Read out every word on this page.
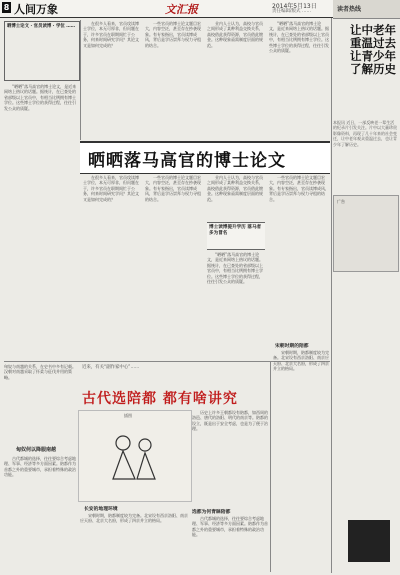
8 人间万象	文汇报	2014年5月13日
责任编辑/版式 ……	读者热线
晒博士论文 · 官员读博 · 学位 ……

“晒晒”落马高官的博士论文，是近来网络上热议的话题。据统计，在已查处的省部级以上官员中，有相当比例拥有博士学位。这些博士学位的获得过程，往往引发公众的质疑。

在很多人看来，官员攻读博士学位，本无可厚非，但问题在于，许多官员在职期间忙于公务，何来时间研究学问？其论文又是如何完成的？

一些官员的博士论文题目宏大，内容空泛，甚至存在抄袭现象。有专家指出，官员读博成风，背后是学历崇拜与权力寻租的结合。

业内人士认为，高校与官员之间形成了某种利益交换关系，高校借此获得资源，官员借此镀金。这种现象亟需制度层面的规范。

“晒晒”落马高官的博士论文，是近来网络上热议的话题。据统计，在已查处的省部级以上官员中，有相当比例拥有博士学位。这些博士学位的获得过程，往往引发公众的质疑。

晒晒落马高官的博士论文

在很多人看来，官员攻读博士学位，本无可厚非，但问题在于，许多官员在职期间忙于公务，何来时间研究学问？其论文又是如何完成的？

一些官员的博士论文题目宏大，内容空泛，甚至存在抄袭现象。有专家指出，官员读博成风，背后是学历崇拜与权力寻租的结合。

业内人士认为，高校与官员之间形成了某种利益交换关系，高校借此获得资源，官员借此镀金。这种现象亟需制度层面的规范。

博士读博提升学历 落马者多为冒名

“晒晒”落马高官的博士论文，是近来网络上热议的话题。据统计，在已查处的省部级以上官员中，有相当比例拥有博士学位。这些博士学位的获得过程，往往引发公众的质疑。

一些官员的博士论文题目宏大，内容空泛，甚至存在抄袭现象。有专家指出，官员读博成风，背后是学历崇拜与权力寻租的结合。

让中老年重温过去
让青少年了解历史
本报讯 近日，一部反映老一辈生活的纪录片引发关注。片中以大量珍贵影像资料，再现了几十年来的社会变迁，让中老年观众重温过去，也让青少年了解历史。
广告
近来，有关“副作家中心”……
古代选陪都 都有啥讲究
匈奴与南越的关系，在史书中多有记载。汉朝对南越采取了怀柔与征伐并用的策略。
匈奴何以降服南越

古代都城的选择，往往要综合考虑地理、军事、经济等多方面因素。陪都作为首都之外的重要城市，承担着特殊的政治功能。

插图

历史上许多王朝都设有陪都，如西周的洛邑、唐代的洛阳、明代的南京等。陪都的设立，既是出于安全考虑，也是为了便于治理。

长安的地理环境

宋朝时期，陪都制度较为完备。北宋设有西京洛阳、南京应天府、北京大名府，形成了四京并立的格局。

选都为何青睐陪都

古代都城的选择，往往要综合考虑地理、军事、经济等多方面因素。陪都作为首都之外的重要城市，承担着特殊的政治功能。

宋朝时期的陪都

宋朝时期，陪都制度较为完备。北宋设有西京洛阳、南京应天府、北京大名府，形成了四京并立的格局。
